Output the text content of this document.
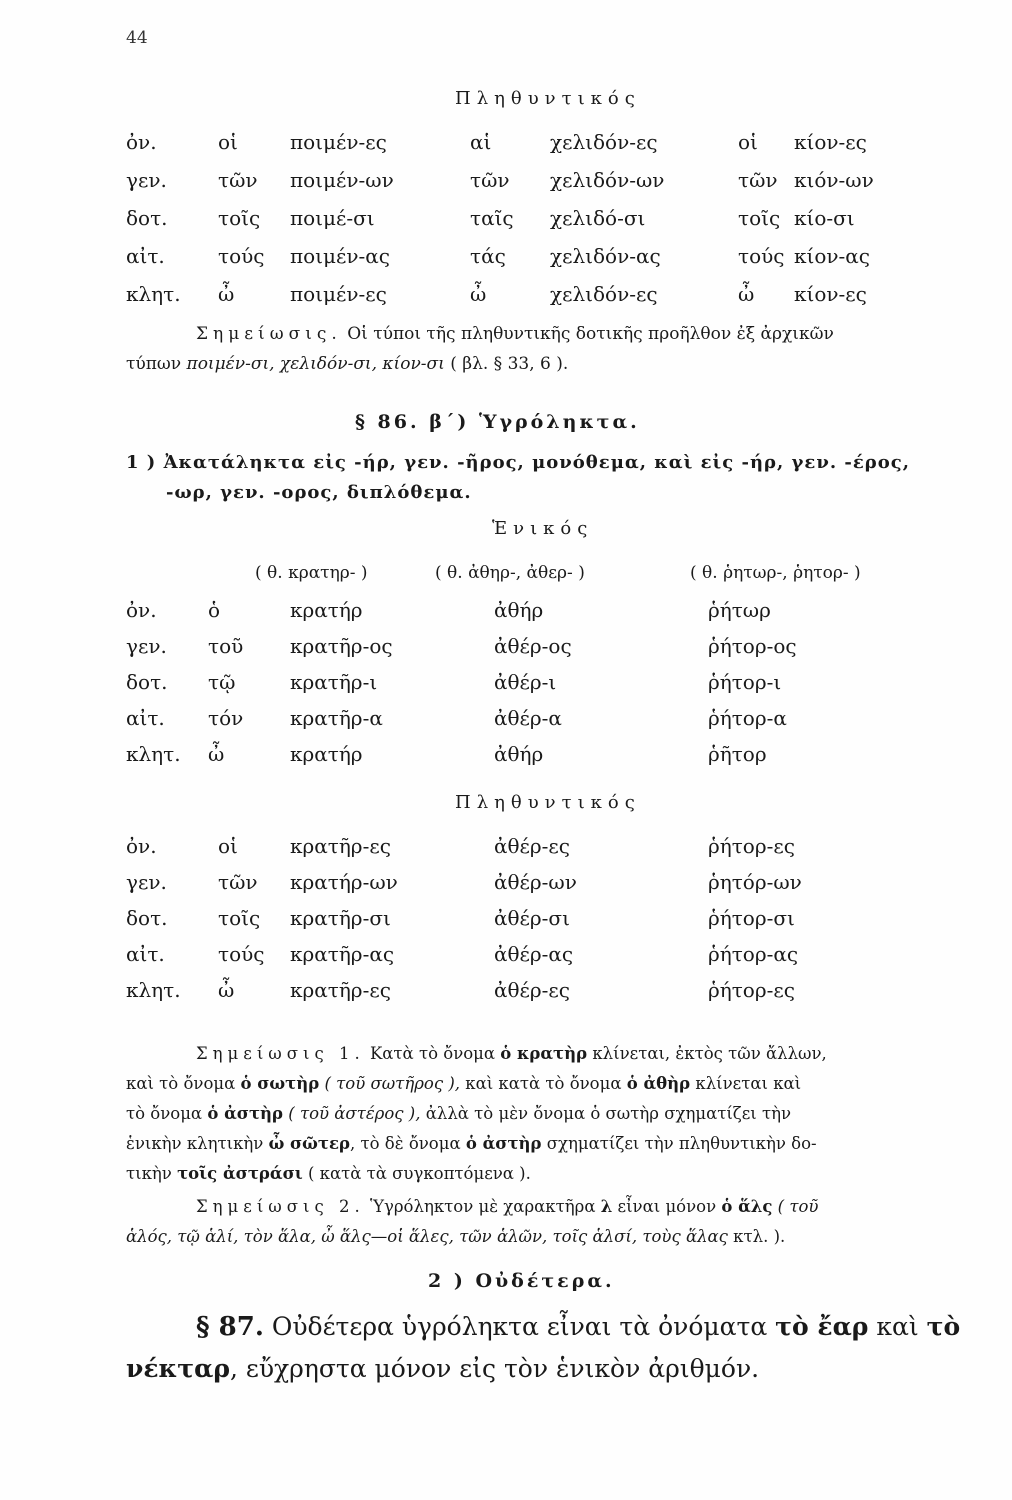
44
Πληθυντικός
ὀν.	οἱ	ποιμέν-ες	αἱ	χελιδόν-ες	οἱ κίον-ες
γεν.	τῶν ποιμέν-ων	τῶν χελιδόν-ων	τῶν κιόν-ων
δοτ.	τοῖς ποιμέ-σι	ταῖς χελιδό-σι	τοῖς κίο-σι
αἰτ.	τούς ποιμέν-ας	τάς χελιδόν-ας	τούς κίον-ας
κλητ. ὦ	ποιμέν-ες	ὦ	χελιδόν-ες	ὦ κίον-ες
Σημείωσις. Οἱ τύποι τῆς πληθυντικῆς δοτικῆς προῆλθον ἐξ ἀρχικῶν
τύπων ποιμέν-σι, χελιδόν-σι, κίον-σι ( βλ. § 33, 6 ).
§ 86. β΄) Ὑγρόληκτα.
1 ) Ἀκατάληκτα εἰς -ήρ, γεν. -ῆρος, μονόθεμα, καὶ εἰς -ήρ, γεν. -έρος,
-ωρ, γεν. -ορος, διπλόθεμα.
Ἑνικός
( θ. κρατηρ- )	( θ. ἀθηρ-, ἀθερ- )	( θ. ῥητωρ-, ῥητορ- )
ὀν.	ὁ	κρατήρ	ἀθήρ	ῥήτωρ
γεν. τοῦ κρατῆρ-ος	ἀθέρ-ος	ῥήτορ-ος
δοτ. τῷ	κρατῆρ-ι	ἀθέρ-ι	ῥήτορ-ι
αἰτ. τόν κρατῆρ-α	ἀθέρ-α	ῥήτορ-α
κλητ. ὦ	κρατήρ	ἀθήρ	ῥῆτορ
Πληθυντικός
ὀν.	οἱ	κρατῆρ-ες	ἀθέρ-ες	ῥήτορ-ες
γεν.	τῶν κρατήρ-ων	ἀθέρ-ων	ῥητόρ-ων
δοτ.	τοῖς κρατῆρ-σι	ἀθέρ-σι	ῥήτορ-σι
αἰτ.	τούς κρατῆρ-ας	ἀθέρ-ας	ῥήτορ-ας
κλητ. ὦ	κρατῆρ-ες	ἀθέρ-ες	ῥήτορ-ες
Σημείωσις 1. Κατὰ τὸ ὄνομα ὁ κρατὴρ κλίνεται, ἐκτὸς τῶν ἄλλων,
καὶ τὸ ὄνομα ὁ σωτὴρ ( τοῦ σωτῆρος ), καὶ κατὰ τὸ ὄνομα ὁ ἀθὴρ κλίνεται καὶ
τὸ ὄνομα ὁ ἀστὴρ ( τοῦ ἀστέρος ), ἀλλὰ τὸ μὲν ὄνομα ὁ σωτὴρ σχηματίζει τὴν
ἑνικὴν κλητικὴν ὦ σῶτερ, τὸ δὲ ὄνομα ὁ ἀστὴρ σχηματίζει τὴν πληθυντικὴν δο-
τικὴν τοῖς ἀστράσι ( κατὰ τὰ συγκοπτόμενα ).
Σημείωσις 2. Ὑγρόληκτον μὲ χαρακτῆρα λ εἶναι μόνον ὁ ἅλς ( τοῦ
ἁλός, τῷ ἁλί, τὸν ἅλα, ὦ ἅλς—οἱ ἅλες, τῶν ἁλῶν, τοῖς ἁλσί, τοὺς ἅλας κτλ. ).
2 ) Οὐδέτερα.
§ 87. Οὐδέτερα ὑγρόληκτα εἶναι τὰ ὀνόματα τὸ ἔαρ καὶ τὸ
νέκταρ, εὔχρηστα μόνον εἰς τὸν ἑνικὸν ἀριθμόν.
